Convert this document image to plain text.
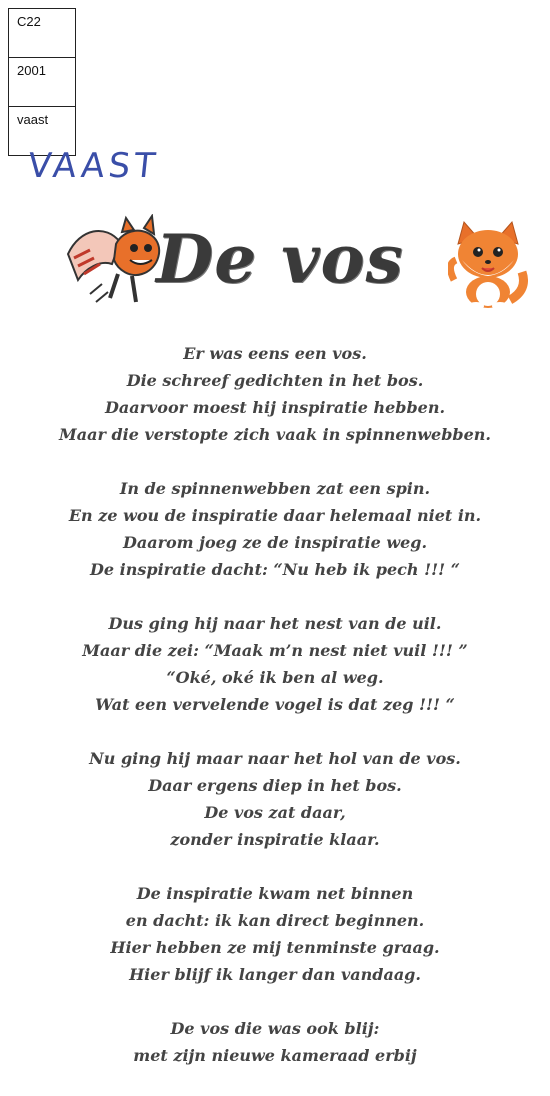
C22
2001
vaast
VAAST
De vos
Er was eens een vos.
Die schreef gedichten in het bos.
Daarvoor moest hij inspiratie hebben.
Maar die verstopte zich vaak in spinnenwebben.
In de spinnenwebben zat een spin.
En ze wou de inspiratie daar helemaal niet in.
Daarom joeg ze de inspiratie weg.
De inspiratie dacht: “Nu heb ik pech !!! “
Dus ging hij naar het nest van de uil.
Maar die zei: “Maak m’n nest niet vuil !!! ”
“Oké, oké ik ben al weg.
Wat een vervelende vogel is dat zeg !!! “
Nu ging hij maar naar het hol van de vos.
Daar ergens diep in het bos.
De vos zat daar,
zonder inspiratie klaar.
De inspiratie kwam net binnen
en dacht: ik kan direct beginnen.
Hier hebben ze mij tenminste graag.
Hier blijf ik langer dan vandaag.
De vos die was ook blij:
met zijn nieuwe kameraad erbij
